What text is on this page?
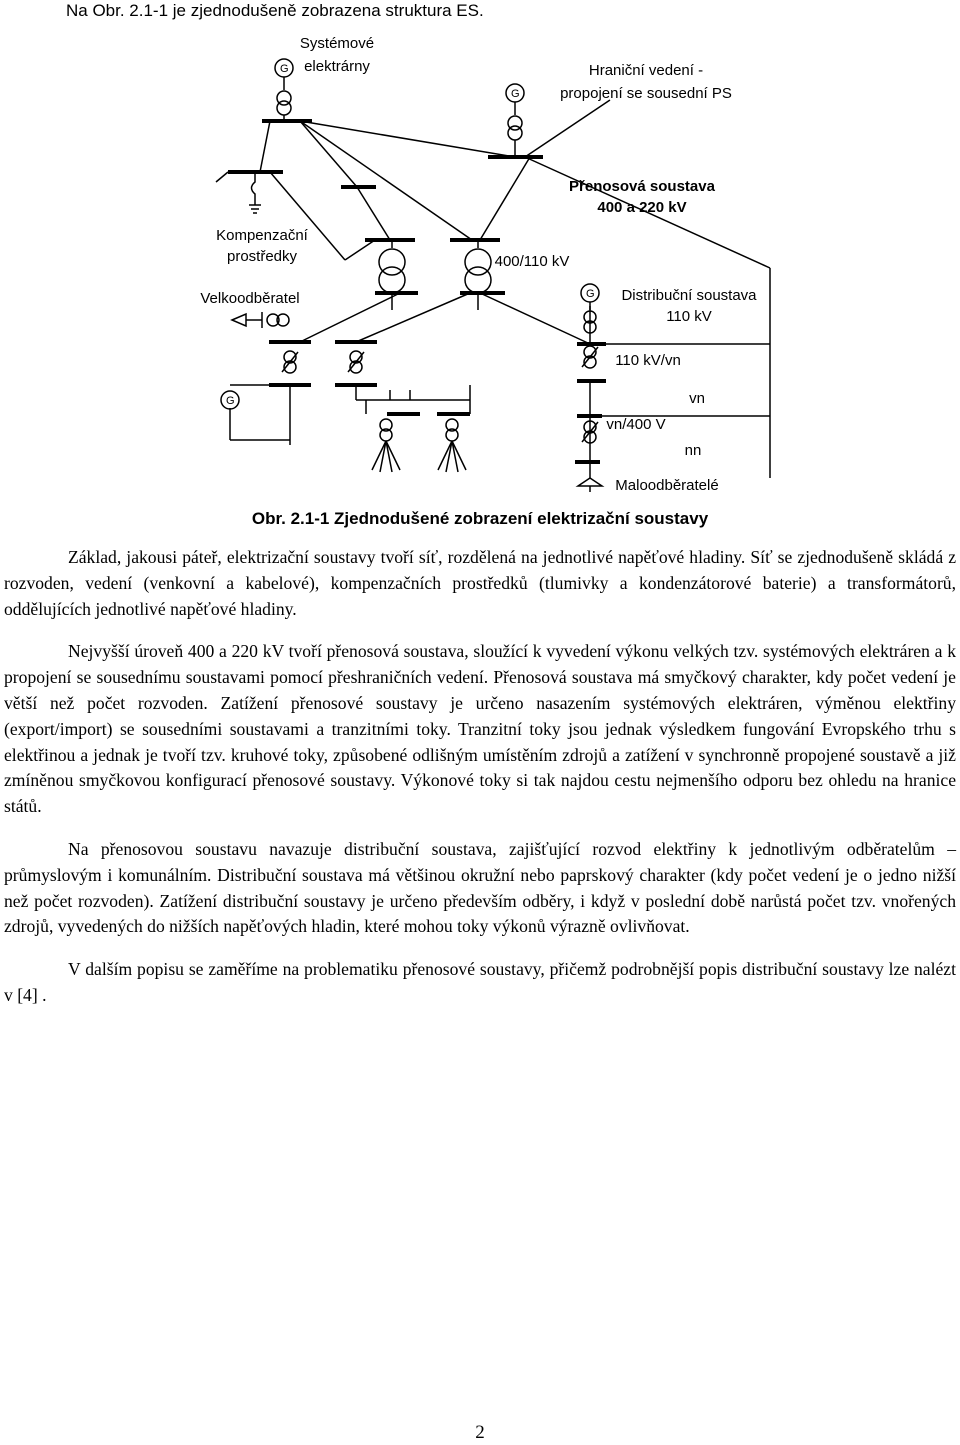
Na Obr. 2.1-1 je zjednodušeně zobrazena struktura ES.
G
G
G
G
Systémové
elektrárny	Hraniční vedení -
propojení se sousední PS
Přenosová soustava
400 a 220 kV
Kompenzační
prostředky	400/110 kV
Velkoodběratel	Distribuční soustava
110 kV
110 kV/vn
vn
vn/400 V
nn
Maloodběratelé
Obr. 2.1-1 Zjednodušené zobrazení elektrizační soustavy

Základ, jakousi páteř, elektrizační soustavy tvoří síť, rozdělená na jednotlivé napěťové hladiny. Síť se zjednodušeně skládá z rozvoden, vedení (venkovní a kabelové), kompenzačních prostředků (tlumivky a kondenzátorové baterie) a transformátorů, oddělujících jednotlivé napěťové hladiny.

Nejvyšší úroveň 400 a 220 kV tvoří přenosová soustava, sloužící k vyvedení výkonu velkých tzv. systémových elektráren a k propojení se sousednímu soustavami pomocí přeshraničních vedení. Přenosová soustava má smyčkový charakter, kdy počet vedení je větší než počet rozvoden. Zatížení přenosové soustavy je určeno nasazením systémových elektráren, výměnou elektřiny (export/import) se sousedními soustavami a tranzitními toky. Tranzitní toky jsou jednak výsledkem fungování Evropského trhu s elektřinou a jednak je tvoří tzv. kruhové toky, způsobené odlišným umístěním zdrojů a zatížení v synchronně propojené soustavě a již zmíněnou smyčkovou konfigurací přenosové soustavy. Výkonové toky si tak najdou cestu nejmenšího odporu bez ohledu na hranice států.

Na přenosovou soustavu navazuje distribuční soustava, zajišťující rozvod elektřiny k jednotlivým odběratelům – průmyslovým i komunálním. Distribuční soustava má většinou okružní nebo paprskový charakter (kdy počet vedení je o jedno nižší než počet rozvoden). Zatížení distribuční soustavy je určeno především odběry, i když v poslední době narůstá počet tzv. vnořených zdrojů, vyvedených do nižších napěťových hladin, které mohou toky výkonů výrazně ovlivňovat.

V dalším popisu se zaměříme na problematiku přenosové soustavy, přičemž podrobnější popis distribuční soustavy lze nalézt v [4] .

2
